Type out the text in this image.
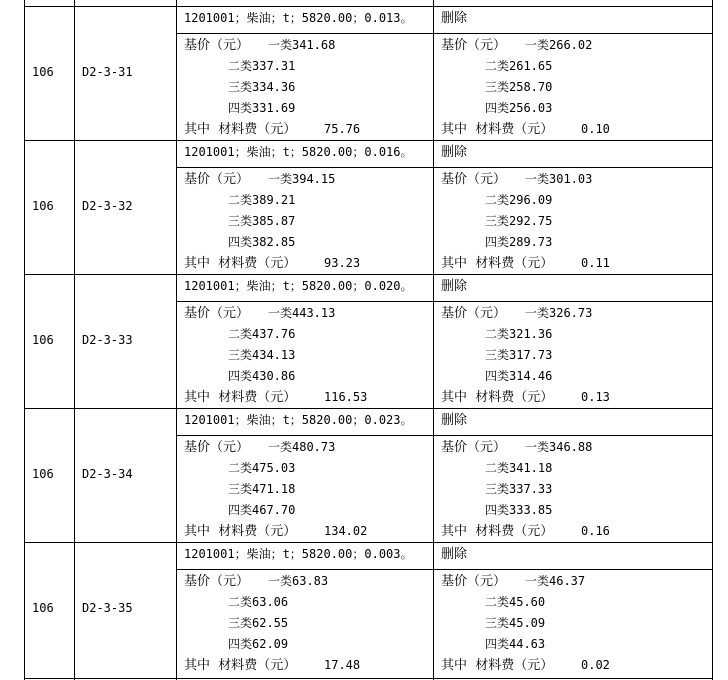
106 D2-3-31
1201001；柴油；t；5820.00；0.013。 删除
基价（元） 一类341.68
二类337.31
三类334.36
四类331.69
其中  材料费（元） 75.76
基价（元） 一类266.02
二类261.65
三类258.70
四类256.03
其中  材料费（元） 0.10
106 D2-3-32
1201001；柴油；t；5820.00；0.016。 删除
基价（元） 一类394.15
二类389.21
三类385.87
四类382.85
其中  材料费（元） 93.23
基价（元） 一类301.03
二类296.09
三类292.75
四类289.73
其中  材料费（元） 0.11
106 D2-3-33
1201001；柴油；t；5820.00；0.020。 删除
基价（元） 一类443.13
二类437.76
三类434.13
四类430.86
其中  材料费（元） 116.53
基价（元） 一类326.73
二类321.36
三类317.73
四类314.46
其中  材料费（元） 0.13
106 D2-3-34
1201001；柴油；t；5820.00；0.023。 删除
基价（元） 一类480.73
二类475.03
三类471.18
四类467.70
其中  材料费（元） 134.02
基价（元） 一类346.88
二类341.18
三类337.33
四类333.85
其中  材料费（元） 0.16
106 D2-3-35
1201001；柴油；t；5820.00；0.003。 删除
基价（元） 一类63.83
二类63.06
三类62.55
四类62.09
其中  材料费（元） 17.48
基价（元） 一类46.37
二类45.60
三类45.09
四类44.63
其中  材料费（元） 0.02
